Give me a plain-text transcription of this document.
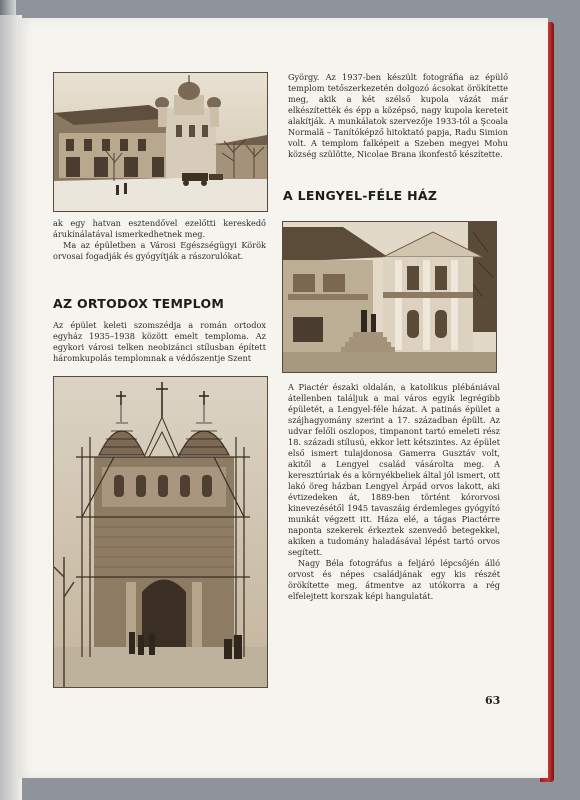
ak egy hatvan esztendővel ezelőtti kereskedő árukínálatával ismerkedhetnek meg.

Ma az épületben a Városi Egészségügyi Körök orvosai fogadják és gyógyítják a rászorulókat.

AZ ORTODOX TEMPLOM

Az épület keleti szomszédja a román ortodox egyház 1935–1938 között emelt temploma. Az egykori városi telken neobizánci stílusban épített háromkupolás templomnak a védőszentje Szent

György. Az 1937-ben készült fotográfia az épülő templom tetőszerkezetén dolgozó ácsokat örökítette meg, akik a két szélső kupola vázát már elkészítették és épp a középső, nagy kupola kereteit alakítják. A munkálatok szervezője 1933-tól a Şcoala Normală – Tanítóképző hitoktató papja, Radu Simion volt. A templom falképeit a Szeben megyei Mohu község szülötte, Nicolae Brana ikonfestő készítette.

A LENGYEL-FÉLE HÁZ

A Piactér északi oldalán, a katolikus plébániával átellenben találjuk a mai város egyik legrégibb épületét, a Lengyel-féle házat. A patinás épület a szájhagyomány szerint a 17. században épült. Az udvar felőli oszlopos, timpanont tartó emeleti rész 18. századi stílusú, ekkor lett kétszintes. Az épület első ismert tulajdonosa Gamerra Gusztáv volt, akitől a Lengyel család vásárolta meg. A keresztúriak és a környékbeliek által jól ismert, ott lakó öreg házban Lengyel Árpád orvos lakott, aki évtizedeken át, 1889-ben történt kórorvosi kinevezésétől 1945 tavaszáig érdemleges gyógyító munkát végzett itt. Háza elé, a tágas Piactérre naponta szekerek érkeztek szenvedő betegekkel, akiken a tudomány haladásával lépést tartó orvos segített.

Nagy Béla fotográfus a feljáró lépcsőjén álló orvost és népes családjának egy kis részét örökítette meg, átmentve az utókorra a rég elfelejtett korszak képi hangulatát.

63
